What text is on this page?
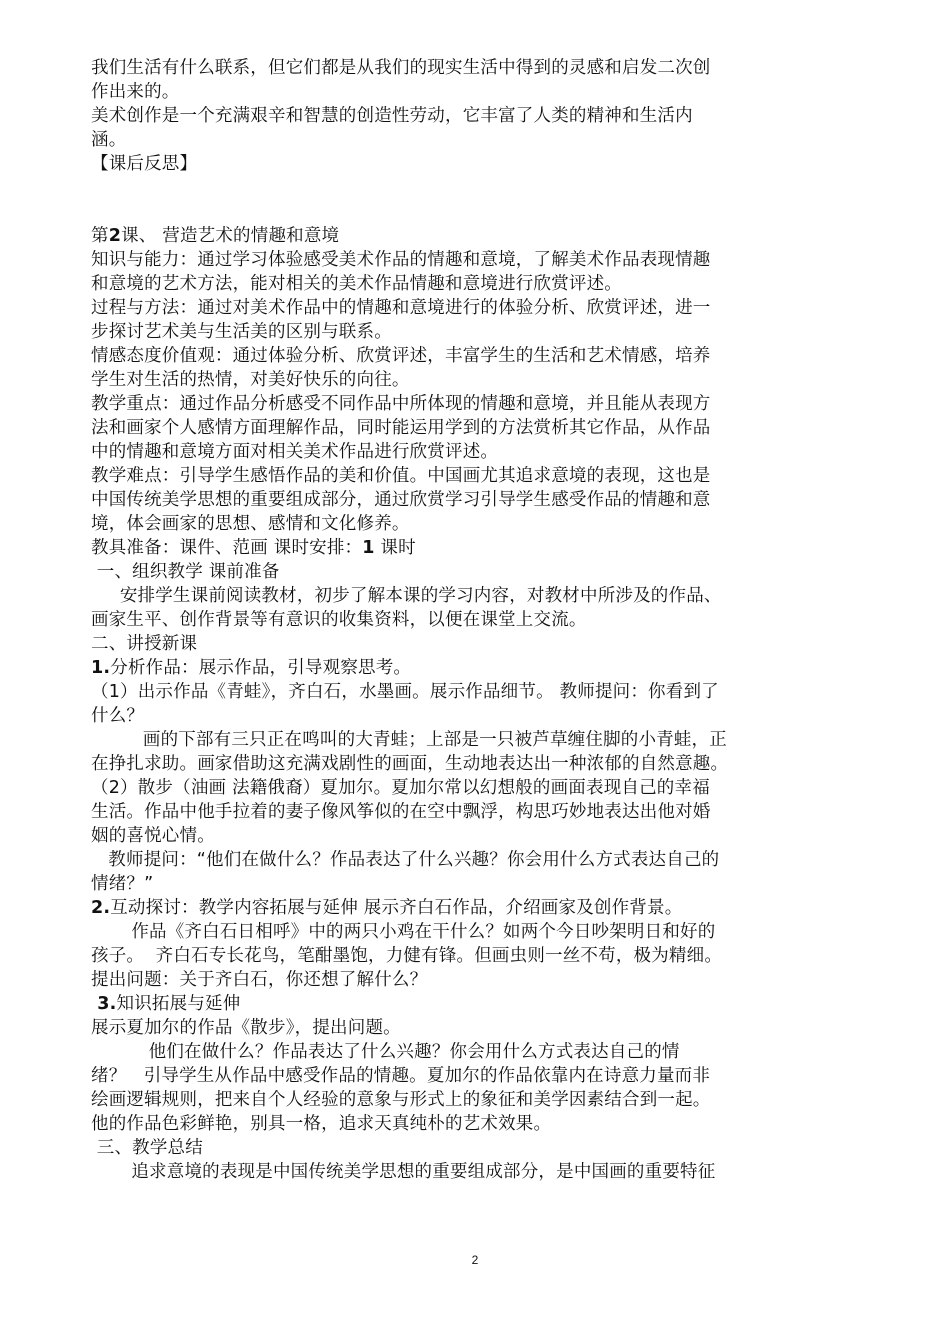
我们生活有什么联系，但它们都是从我们的现实生活中得到的灵感和启发二次创
作出来的。
美术创作是一个充满艰辛和智慧的创造性劳动，它丰富了人类的精神和生活内
涵。
【课后反思】
第2课、 营造艺术的情趣和意境
知识与能力：通过学习体验感受美术作品的情趣和意境，了解美术作品表现情趣
和意境的艺术方法，能对相关的美术作品情趣和意境进行欣赏评述。
过程与方法：通过对美术作品中的情趣和意境进行的体验分析、欣赏评述，进一
步探讨艺术美与生活美的区别与联系。
情感态度价值观：通过体验分析、欣赏评述，丰富学生的生活和艺术情感，培养
学生对生活的热情，对美好快乐的向往。
教学重点：通过作品分析感受不同作品中所体现的情趣和意境，并且能从表现方
法和画家个人感情方面理解作品，同时能运用学到的方法赏析其它作品，从作品
中的情趣和意境方面对相关美术作品进行欣赏评述。
教学难点：引导学生感悟作品的美和价值。中国画尤其追求意境的表现，这也是
中国传统美学思想的重要组成部分，通过欣赏学习引导学生感受作品的情趣和意
境，体会画家的思想、感情和文化修养。
教具准备：课件、范画 课时安排：1 课时
一、组织教学 课前准备
安排学生课前阅读教材，初步了解本课的学习内容，对教材中所涉及的作品、
画家生平、创作背景等有意识的收集资料，以便在课堂上交流。
二、讲授新课
1.分析作品：展示作品，引导观察思考。
（1）出示作品《青蛙》，齐白石，水墨画。展示作品细节。 教师提问：你看到了
什么？
画的下部有三只正在鸣叫的大青蛙；上部是一只被芦草缠住脚的小青蛙，正
在挣扎求助。画家借助这充满戏剧性的画面，生动地表达出一种浓郁的自然意趣。
（2）散步（油画 法籍俄裔）夏加尔。夏加尔常以幻想般的画面表现自己的幸福
生活。作品中他手拉着的妻子像风筝似的在空中飘浮，构思巧妙地表达出他对婚
姻的喜悦心情。
教师提问：“他们在做什么？作品表达了什么兴趣？你会用什么方式表达自己的
情绪？”
2.互动探讨：教学内容拓展与延伸 展示齐白石作品，介绍画家及创作背景。
作品《齐白石日相呼》中的两只小鸡在干什么？如两个今日吵架明日和好的
孩子。  齐白石专长花鸟，笔酣墨饱，力健有锋。但画虫则一丝不苟，极为精细。
提出问题：关于齐白石，你还想了解什么？
3.知识拓展与延伸
展示夏加尔的作品《散步》，提出问题。
他们在做什么？作品表达了什么兴趣？你会用什么方式表达自己的情
绪？   引导学生从作品中感受作品的情趣。夏加尔的作品依靠内在诗意力量而非
绘画逻辑规则，把来自个人经验的意象与形式上的象征和美学因素结合到一起。
他的作品色彩鲜艳，别具一格，追求天真纯朴的艺术效果。
三、教学总结
追求意境的表现是中国传统美学思想的重要组成部分，是中国画的重要特征
2
